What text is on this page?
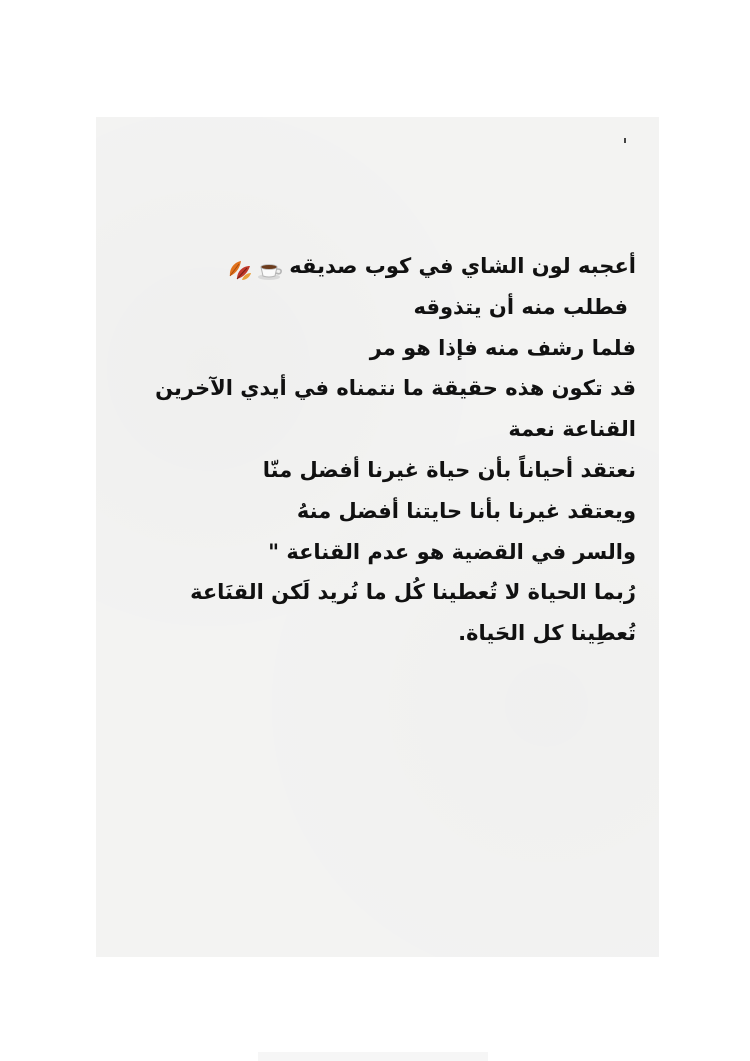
أعجبه لون الشاي في كوب صديقه
فطلب منه أن يتذوقه
فلما رشف منه فإذا هو مر
قد تكون هذه حقيقة ما نتمناه في أيدي الآخرين
القناعة نعمة
نعتقد أحياناً بأن حياة غيرنا أفضل منّا
ويعتقد غيرنا بأنا حايتنا أفضل منهُ
والسر في القضية هو عدم القناعة "
رُبما الحياة لا تُعطينا كُل ما نُريد لَكن القنَاعة
تُعطِينا كل الحَياة.
